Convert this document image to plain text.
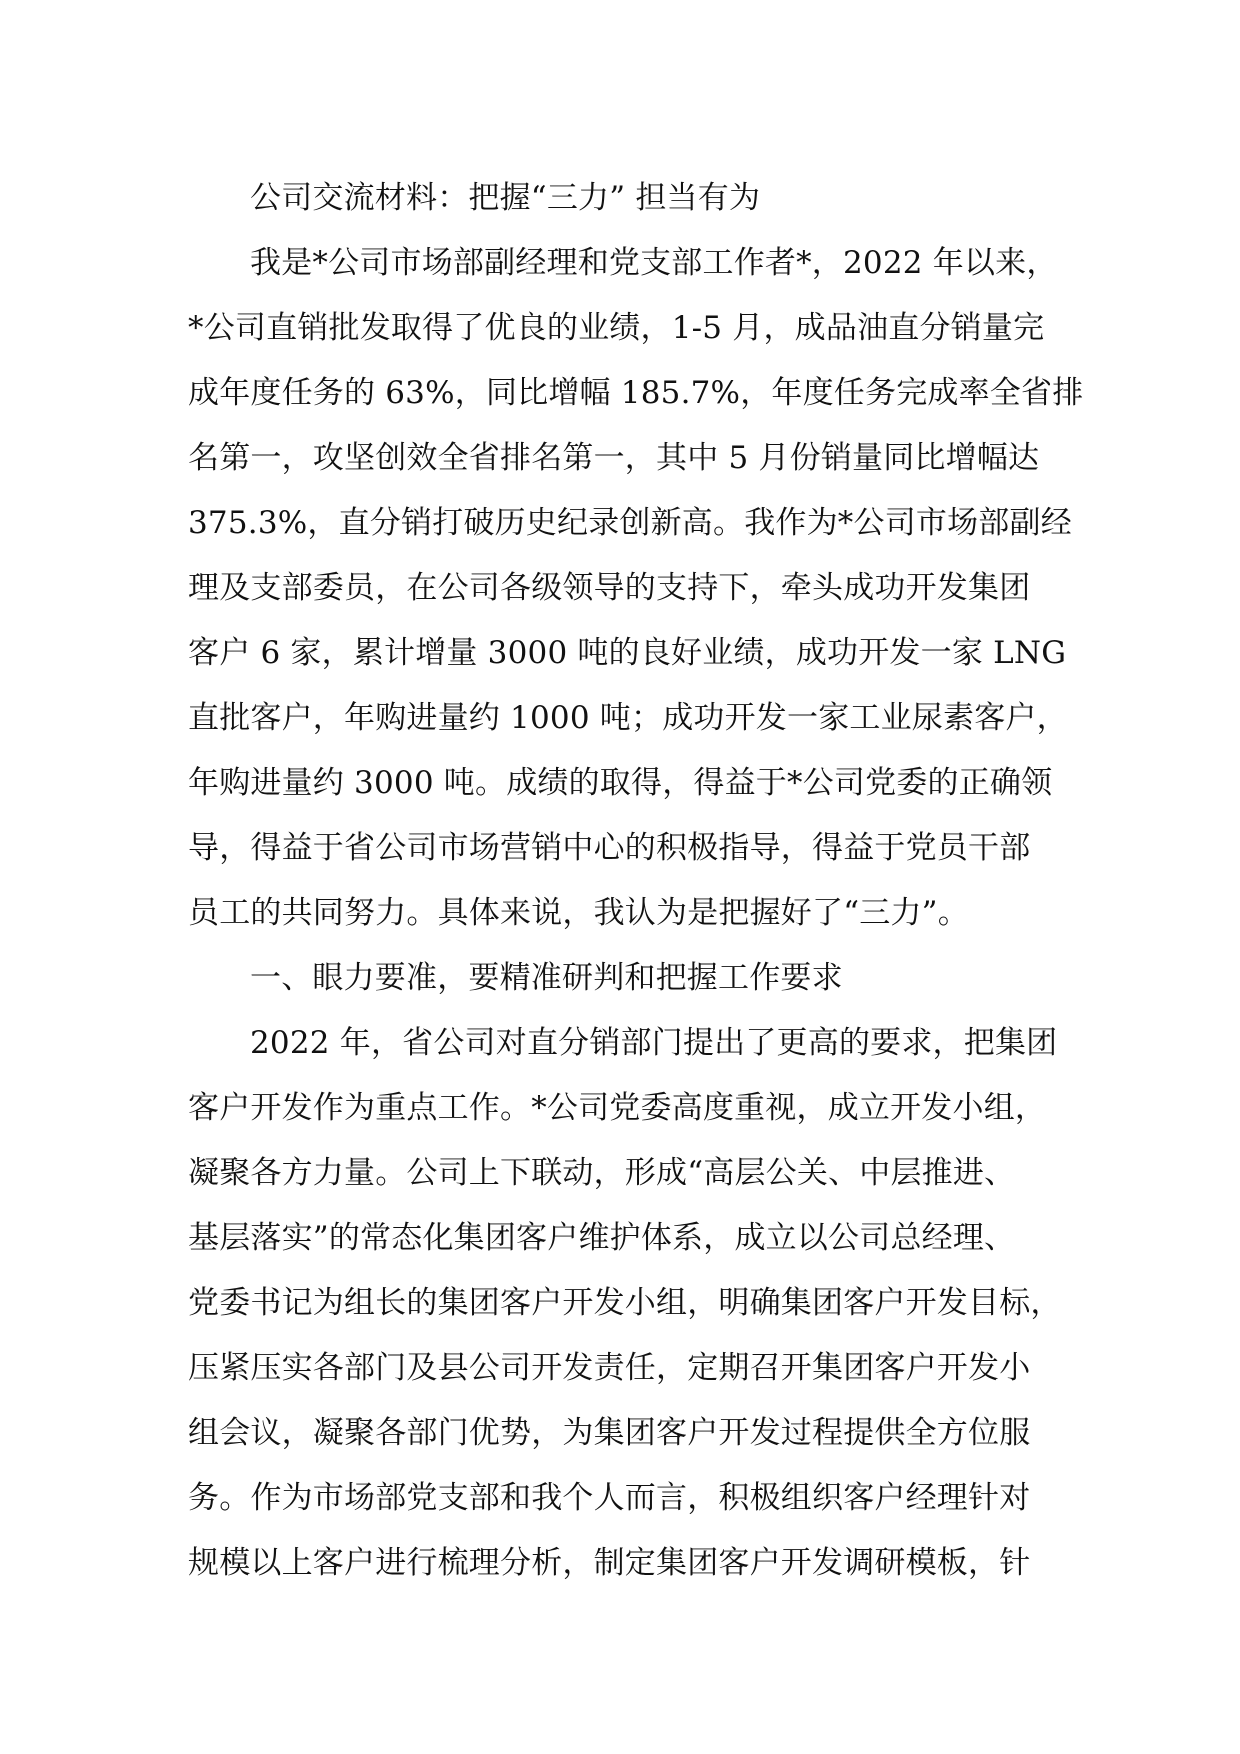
公司交流材料：把握“三力” 担当有为
我是*公司市场部副经理和党支部工作者*，2022 年以来，
*公司直销批发取得了优良的业绩，1-5 月，成品油直分销量完
成年度任务的 63%，同比增幅 185.7%，年度任务完成率全省排
名第一，攻坚创效全省排名第一，其中 5 月份销量同比增幅达
375.3%，直分销打破历史纪录创新高。我作为*公司市场部副经
理及支部委员，在公司各级领导的支持下，牵头成功开发集团
客户 6 家，累计增量 3000 吨的良好业绩，成功开发一家 LNG
直批客户，年购进量约 1000 吨；成功开发一家工业尿素客户，
年购进量约 3000 吨。成绩的取得，得益于*公司党委的正确领
导，得益于省公司市场营销中心的积极指导，得益于党员干部
员工的共同努力。具体来说，我认为是把握好了“三力”。
一、眼力要准，要精准研判和把握工作要求
2022 年，省公司对直分销部门提出了更高的要求，把集团
客户开发作为重点工作。*公司党委高度重视，成立开发小组，
凝聚各方力量。公司上下联动，形成“高层公关、中层推进、
基层落实”的常态化集团客户维护体系，成立以公司总经理、
党委书记为组长的集团客户开发小组，明确集团客户开发目标，
压紧压实各部门及县公司开发责任，定期召开集团客户开发小
组会议，凝聚各部门优势，为集团客户开发过程提供全方位服
务。作为市场部党支部和我个人而言，积极组织客户经理针对
规模以上客户进行梳理分析，制定集团客户开发调研模板，针
